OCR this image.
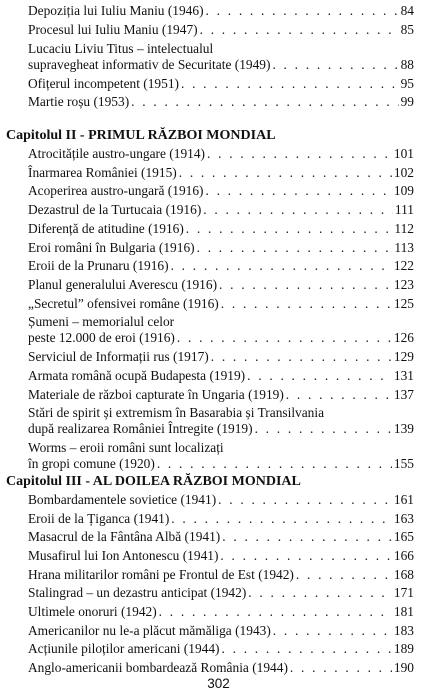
Depoziția lui Iuliu Maniu (1946) . . .	84
Procesul lui Iuliu Maniu (1947) . . .	85
Lucaciu Liviu Titus – intelectualul
supravegheat informativ de Securitate (1949) . . .	88
Ofițerul incompetent (1951) . . .	95
Martie roșu (1953) . . .	99
Capitolul II - PRIMUL RĂZBOI MONDIAL
Atrocitățile austro-ungare (1914) . . .	101
Înarmarea României (1915) . . .	102
Acoperirea austro-ungară (1916) . . .	109
Dezastrul de la Turtucaia (1916) . . .	111
Diferență de atitudine (1916) . . .	112
Eroi români în Bulgaria (1916) . . .	113
Eroii de la Prunaru (1916) . . .	122
Planul generalului Averescu (1916) . . .	123
„Secretul” ofensivei române (1916) . . .	125
Șumeni – memorialul celor
peste 12.000 de eroi (1916) . . .	126
Serviciul de Informații rus (1917) . . .	129
Armata română ocupă Budapesta (1919) . . .	131
Materiale de război capturate în Ungaria (1919) . . .	137
Stări de spirit și extremism în Basarabia și Transilvania
după realizarea României Întregite (1919) . . .	139
Worms – eroii români sunt localizați
în gropi comune (1920) . . .	155
Capitolul III - AL DOILEA RĂZBOI MONDIAL
Bombardamentele sovietice (1941) . . .	161
Eroii de la Țiganca (1941) . . .	163
Masacrul de la Fântâna Albă (1941) . . .	165
Musafirul lui Ion Antonescu (1941) . . .	166
Hrana militarilor români pe Frontul de Est (1942) . . .	168
Stalingrad – un dezastru anticipat (1942) . . .	171
Ultimele onoruri (1942) . . .	181
Americanilor nu le-a plăcut mămăliga (1943) . . .	183
Acțiunile piloților americani (1944) . . .	189
Anglo-americanii bombardează România (1944) . . .	190
302
